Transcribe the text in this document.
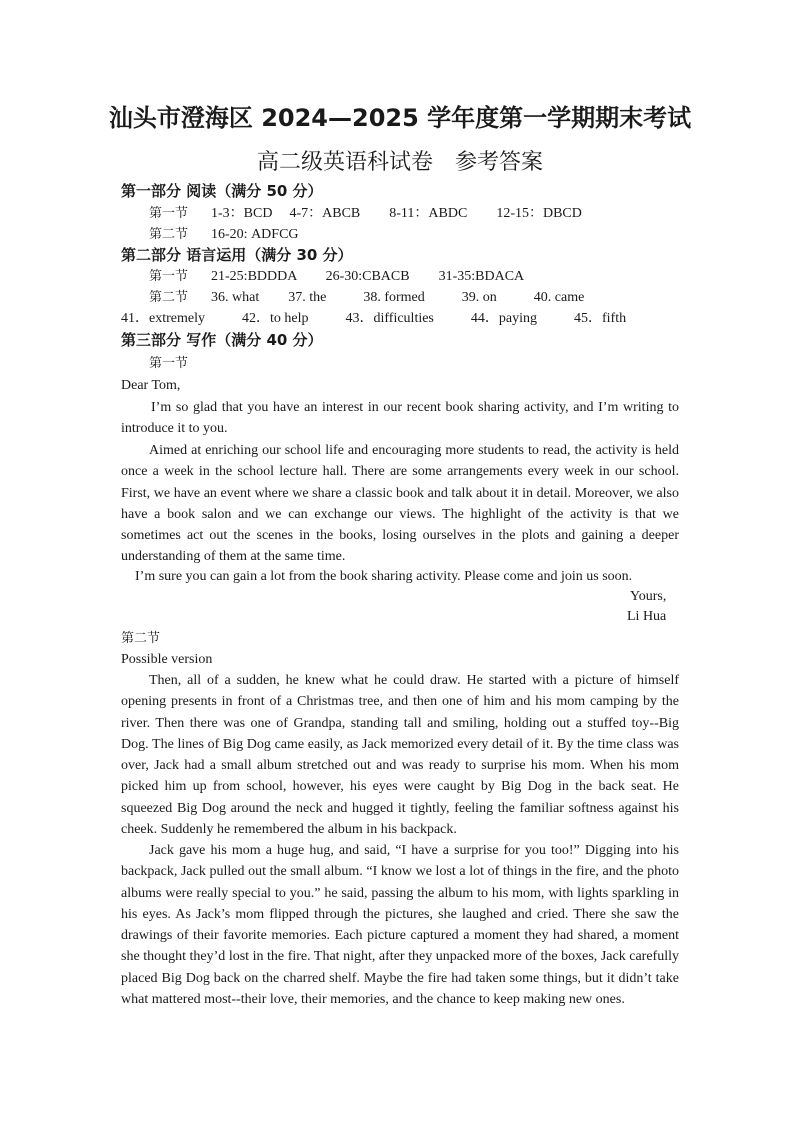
汕头市澄海区 2024—2025 学年度第一学期期末考试
高二级英语科试卷　参考答案
第一部分 阅读（满分 50 分）
第一节 1-3：BCD 4-7：ABCB 8-11：ABDC 12-15：DBCD
第二节 16-20: ADFCG
第二部分 语言运用（满分 30 分）
第一节 21-25:BDDDA 26-30:CBACB 31-35:BDACA
第二节 36. what 37. the	38. formed	39. on	40. came
41．extremely	42．to help	43．difficulties	44．paying	45．fifth
第三部分 写作（满分 40 分）
第一节
Dear Tom,

I’m so glad that you have an interest in our recent book sharing activity, and I’m writing to introduce it to you.

Aimed at enriching our school life and encouraging more students to read, the activity is held once a week in the school lecture hall. There are some arrangements every week in our school. First, we have an event where we share a classic book and talk about it in detail. Moreover, we also have a book salon and we can exchange our views. The highlight of the activity is that we sometimes act out the scenes in the books, losing ourselves in the plots and gaining a deeper understanding of them at the same time.

I’m sure you can gain a lot from the book sharing activity. Please come and join us soon.

Yours,
Li Hua
第二节
Possible version

Then, all of a sudden, he knew what he could draw. He started with a picture of himself opening presents in front of a Christmas tree, and then one of him and his mom camping by the river. Then there was one of Grandpa, standing tall and smiling, holding out a stuffed toy--Big Dog. The lines of Big Dog came easily, as Jack memorized every detail of it. By the time class was over, Jack had a small album stretched out and was ready to surprise his mom. When his mom picked him up from school, however, his eyes were caught by Big Dog in the back seat. He squeezed Big Dog around the neck and hugged it tightly, feeling the familiar softness against his cheek. Suddenly he remembered the album in his backpack.

Jack gave his mom a huge hug, and said, “I have a surprise for you too!” Digging into his backpack, Jack pulled out the small album. “I know we lost a lot of things in the fire, and the photo albums were really special to you.” he said, passing the album to his mom, with lights sparkling in his eyes. As Jack’s mom flipped through the pictures, she laughed and cried. There she saw the drawings of their favorite memories. Each picture captured a moment they had shared, a moment she thought they’d lost in the fire. That night, after they unpacked more of the boxes, Jack carefully placed Big Dog back on the charred shelf. Maybe the fire had taken some things, but it didn’t take what mattered most--their love, their memories, and the chance to keep making new ones.
